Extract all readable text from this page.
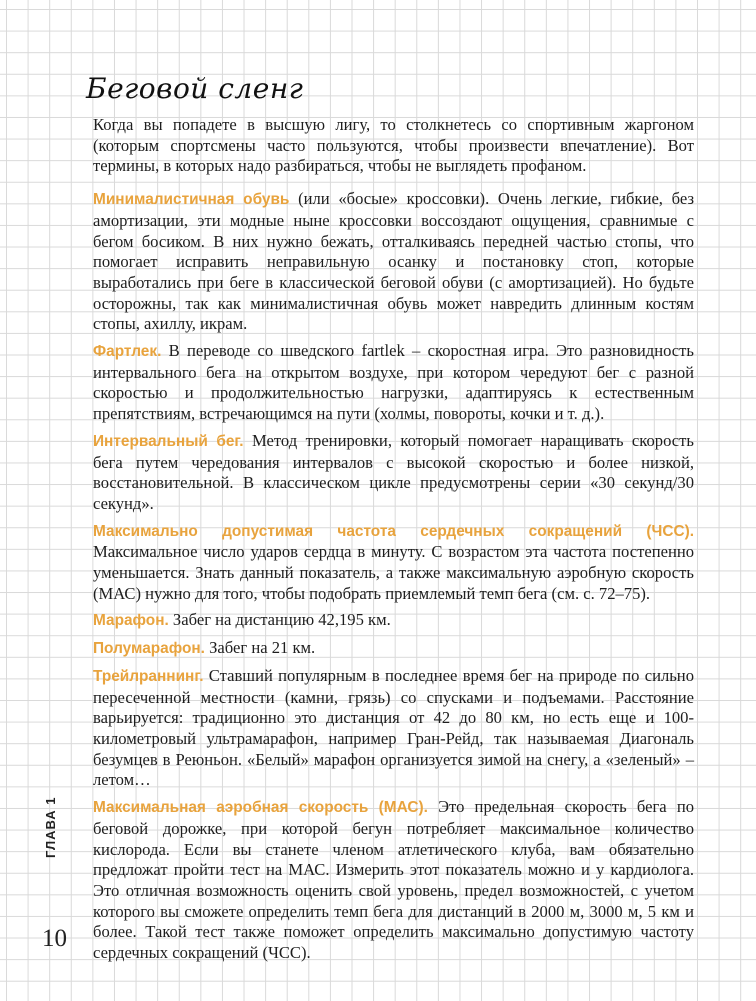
Беговой сленг

Когда вы попадете в высшую лигу, то столкнетесь со спортивным жаргоном (которым спортсмены часто пользуются, чтобы произвести впечатление). Вот термины, в которых надо разбираться, чтобы не выглядеть профаном.

Минималистичная обувь (или «босые» кроссовки). Очень легкие, гибкие, без амортизации, эти модные ныне кроссовки воссоздают ощущения, сравнимые с бегом босиком. В них нужно бежать, отталкиваясь передней частью стопы, что помогает исправить неправильную осанку и постановку стоп, которые выработались при беге в классической беговой обуви (с амортизацией). Но будьте осторожны, так как минималистичная обувь может навредить длинным костям стопы, ахиллу, икрам.

Фартлек. В переводе со шведского fartlek – скоростная игра. Это разновидность интервального бега на открытом воздухе, при котором чередуют бег с разной скоростью и продолжительностью нагрузки, адаптируясь к естественным препятствиям, встречающимся на пути (холмы, повороты, кочки и т. д.).

Интервальный бег. Метод тренировки, который помогает наращивать скорость бега путем чередования интервалов с высокой скоростью и более низкой, восстановительной. В классическом цикле предусмотрены серии «30 секунд/30 секунд».

Максимально допустимая частота сердечных сокращений (ЧСС). Максимальное число ударов сердца в минуту. С возрастом эта частота постепенно уменьшается. Знать данный показатель, а также максимальную аэробную скорость (МАС) нужно для того, чтобы подобрать приемлемый темп бега (см. с. 72–75).

Марафон. Забег на дистанцию 42,195 км.

Полумарафон. Забег на 21 км.

Трейлраннинг. Ставший популярным в последнее время бег на природе по сильно пересеченной местности (камни, грязь) со спусками и подъемами. Расстояние варьируется: традиционно это дистанция от 42 до 80 км, но есть еще и 100-километровый ультрамарафон, например Гран-Рейд, так называемая Диагональ безумцев в Реюньон. «Белый» марафон организуется зимой на снегу, а «зеленый» – летом…

Максимальная аэробная скорость (МАС). Это предельная скорость бега по беговой дорожке, при которой бегун потребляет максимальное количество кислорода. Если вы станете членом атлетического клуба, вам обязательно предложат пройти тест на МАС. Измерить этот показатель можно и у кардиолога. Это отличная возможность оценить свой уровень, предел возможностей, с учетом которого вы сможете определить темп бега для дистанций в 2000 м, 3000 м, 5 км и более. Такой тест также поможет определить максимально допустимую частоту сердечных сокращений (ЧСС).

ГЛАВА 1
10
